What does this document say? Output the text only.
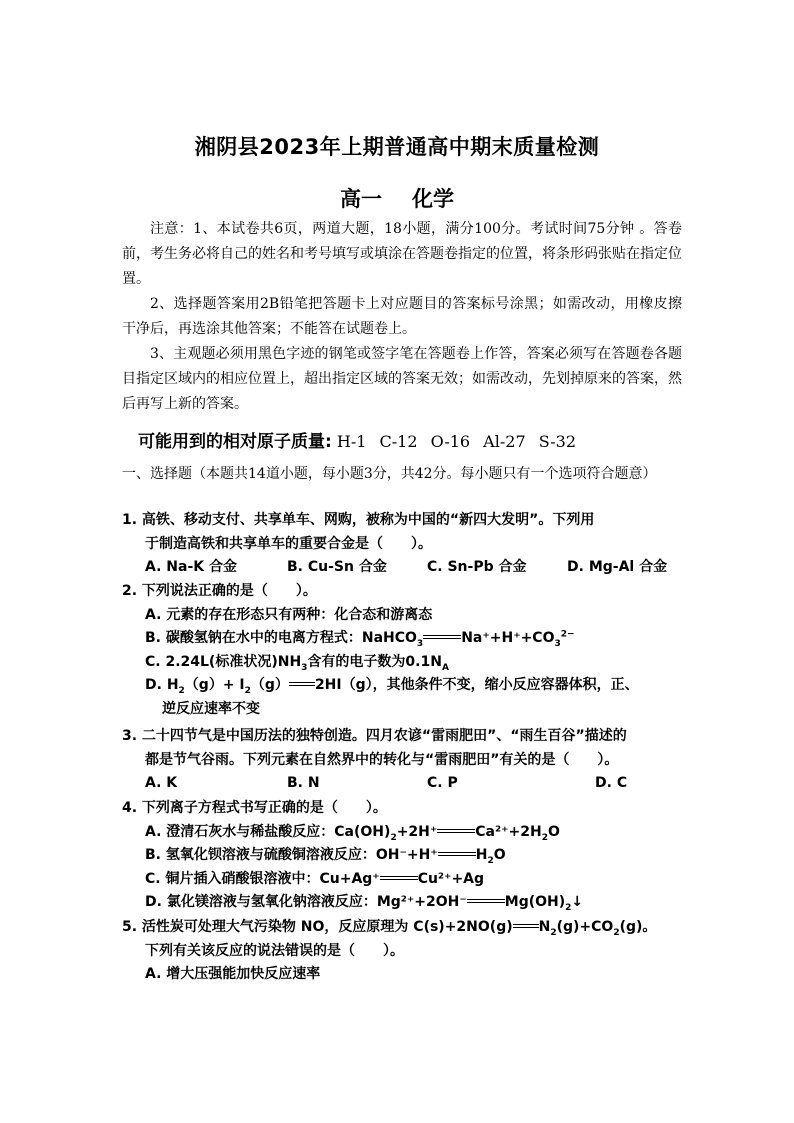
湘阴县2023年上期普通高中期末质量检测
高一 化学

注意：1、本试卷共6页，两道大题，18小题，满分100分。考试时间75分钟 。答卷前，考生务必将自己的姓名和考号填写或填涂在答题卷指定的位置，将条形码张贴在指定位置。

2、选择题答案用2B铅笔把答题卡上对应题目的答案标号涂黑；如需改动，用橡皮擦干净后，再选涂其他答案；不能答在试题卷上。

3、主观题必须用黑色字迹的钢笔或签字笔在答题卷上作答，答案必须写在答题卷各题目指定区域内的相应位置上，超出指定区域的答案无效；如需改动，先划掉原来的答案，然后再写上新的答案。

可能用到的相对原子质量: H-1 C-12 O-16 Al-27 S-32

一、选择题（本题共14道小题，每小题3分，共42分。每小题只有一个选项符合题意）

1. 高铁、移动支付、共享单车、网购，被称为中国的“新四大发明”。下列用
于制造高铁和共享单车的重要合金是（　　）。
A. Na-K 合金	B. Cu-Sn 合金	C. Sn-Pb 合金	D. Mg-Al 合金
2. 下列说法正确的是（　　）。
A. 元素的存在形态只有两种：化合态和游离态
B. 碳酸氢钠在水中的电离方程式：NaHCO$_3$	$Na^++H^++CO_3^{2-}$
C. 2.24L(标准状况)$NH_3$含有的电子数为$0.1N_A$
D. $H_2(g)+ I_2(g)$ 2HI（g），其他条件不变，缩小反应容器体积，正、
逆反应速率不变
3. 二十四节气是中国历法的独特创造。四月农谚“雷雨肥田”、“雨生百谷”描述的
都是节气谷雨。下列元素在自然界中的转化与“雷雨肥田”有关的是（　　）。
A. K	B. N	C. P	D. C
4. 下列离子方程式书写正确的是（　　）。
A. 澄清石灰水与稀盐酸反应：$Ca(OH)_2+2H^+$	$Ca^{2+}+2H_2O$
B. 氢氧化钡溶液与硫酸铜溶液反应：OH⁻+H⁺	$H_2O$
C. 铜片插入硝酸银溶液中：Cu+Ag⁺	Cu²⁺+Ag
D. 氯化镁溶液与氢氧化钠溶液反应：Mg²⁺+2OH⁻	$Mg(OH)_2↓$
5. 活性炭可处理大气污染物 NO，反应原理为 C(s)+2NO(g) $N_2(g)+CO_2(g)$。
下列有关该反应的说法错误的是（　　）。
A. 增大压强能加快反应速率
